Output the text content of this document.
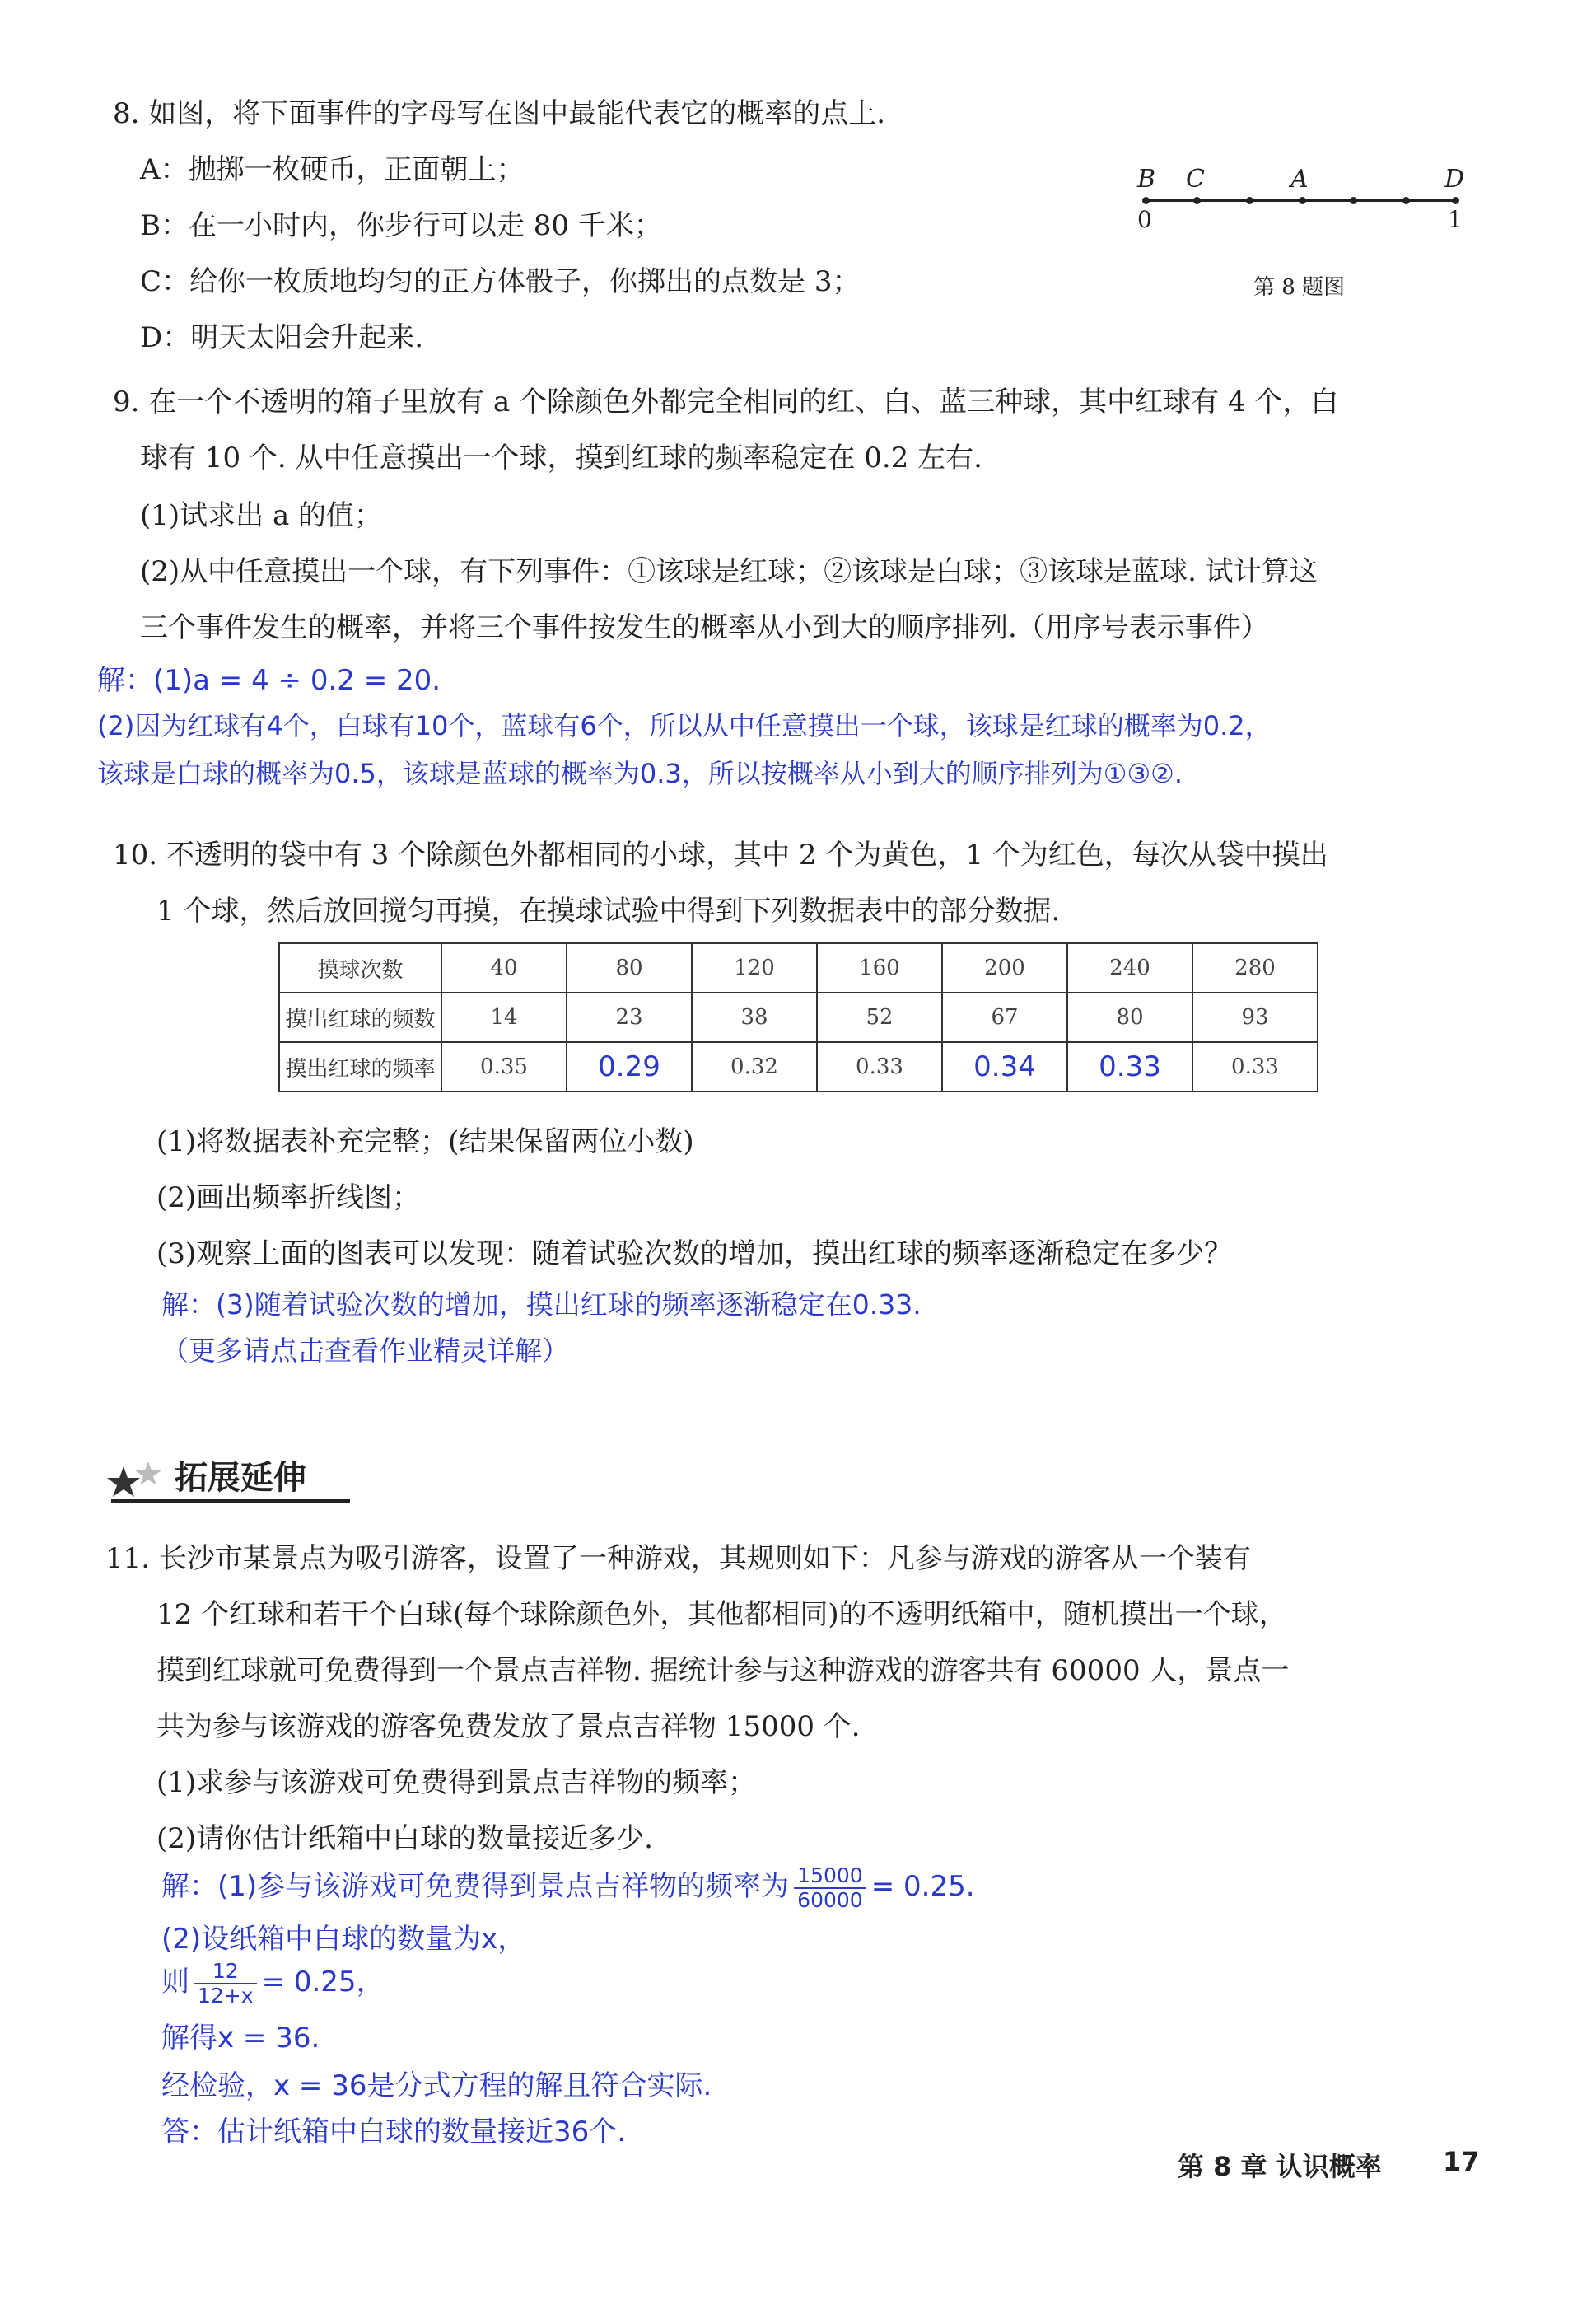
8. 如图，将下面事件的字母写在图中最能代表它的概率的点上.
A：抛掷一枚硬币，正面朝上；
B：在一小时内，你步行可以走 80 千米；
C：给你一枚质地均匀的正方体骰子，你掷出的点数是 3；
D：明天太阳会升起来.
B C	A	D
0	1
第 8 题图
9. 在一个不透明的箱子里放有 a 个除颜色外都完全相同的红、白、蓝三种球，其中红球有 4 个，白
球有 10 个. 从中任意摸出一个球，摸到红球的频率稳定在 0.2 左右.
(1)试求出 a 的值；
(2)从中任意摸出一个球，有下列事件：①该球是红球；②该球是白球；③该球是蓝球. 试计算这
三个事件发生的概率，并将三个事件按发生的概率从小到大的顺序排列.（用序号表示事件）
解：(1)a = 4 ÷ 0.2 = 20.
(2)因为红球有4个，白球有10个，蓝球有6个，所以从中任意摸出一个球，该球是红球的概率为0.2，
该球是白球的概率为0.5，该球是蓝球的概率为0.3，所以按概率从小到大的顺序排列为①③②.
10. 不透明的袋中有 3 个除颜色外都相同的小球，其中 2 个为黄色，1 个为红色，每次从袋中摸出
1 个球，然后放回搅匀再摸，在摸球试验中得到下列数据表中的部分数据.
摸球次数	40	80	120	160	200	240	280
摸出红球的频数	14	23	38	52	67	80	93
摸出红球的频率	0.35	0.29	0.32	0.33	0.34	0.33	0.33
(1)将数据表补充完整；(结果保留两位小数)
(2)画出频率折线图；
(3)观察上面的图表可以发现：随着试验次数的增加，摸出红球的频率逐渐稳定在多少？
解：(3)随着试验次数的增加，摸出红球的频率逐渐稳定在0.33.
（更多请点击查看作业精灵详解）
拓展延伸
11. 长沙市某景点为吸引游客，设置了一种游戏，其规则如下：凡参与游戏的游客从一个装有
12 个红球和若干个白球(每个球除颜色外，其他都相同)的不透明纸箱中，随机摸出一个球，
摸到红球就可免费得到一个景点吉祥物. 据统计参与这种游戏的游客共有 60000 人，景点一
共为参与该游戏的游客免费发放了景点吉祥物 15000 个.
(1)求参与该游戏可免费得到景点吉祥物的频率；
(2)请你估计纸箱中白球的数量接近多少.
解：(1)参与该游戏可免费得到景点吉祥物的频率为 $\frac{15000}{60000} = 0.25$.
(2)设纸箱中白球的数量为x，
则 $\frac{12}{12+x} = 0.25$，
解得x = 36.
经检验，x = 36是分式方程的解且符合实际.
答：估计纸箱中白球的数量接近36个.
第 8 章 认识概率 17
